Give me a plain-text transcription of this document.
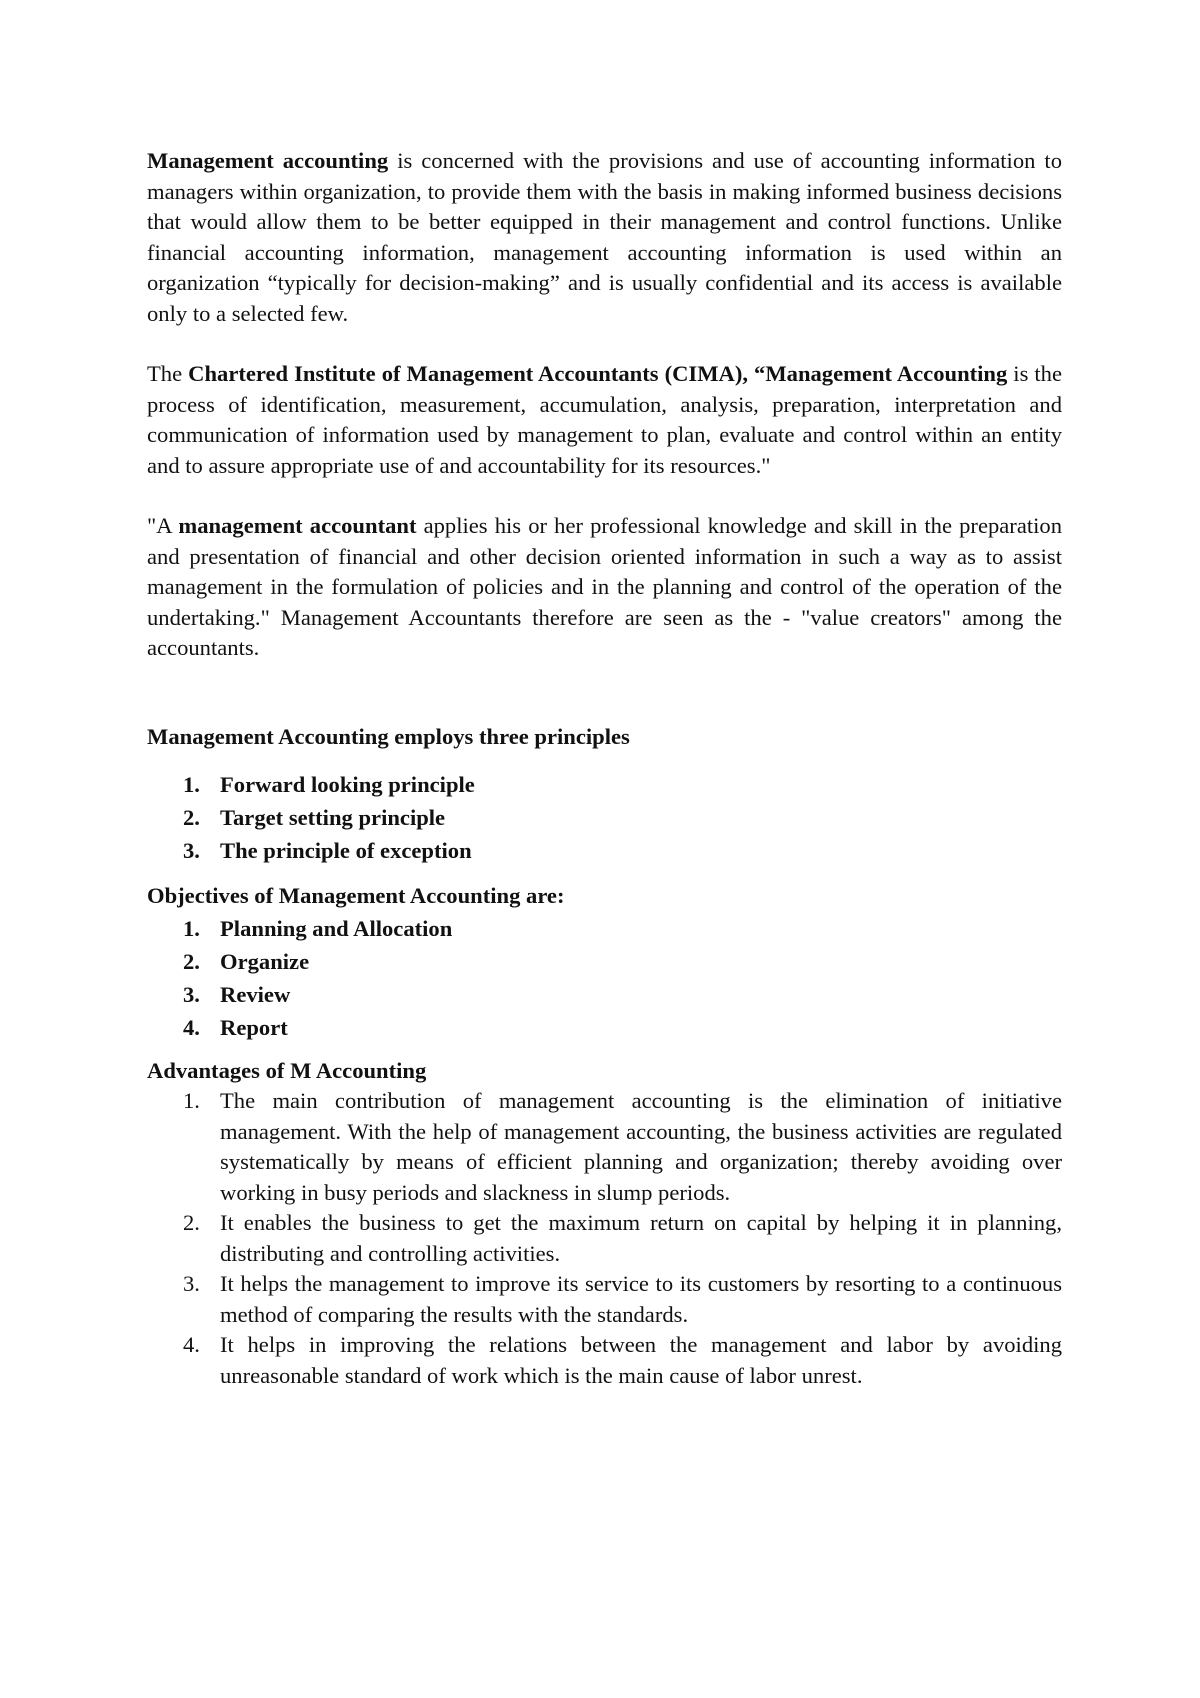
Management accounting is concerned with the provisions and use of accounting information to managers within organization, to provide them with the basis in making informed business decisions that would allow them to be better equipped in their management and control functions. Unlike financial accounting information, management accounting information is used within an organization “typically for decision-making” and is usually confidential and its access is available only to a selected few.

The Chartered Institute of Management Accountants (CIMA), “Management Accounting is the process of identification, measurement, accumulation, analysis, preparation, interpretation and communication of information used by management to plan, evaluate and control within an entity and to assure appropriate use of and accountability for its resources."

"A management accountant applies his or her professional knowledge and skill in the preparation and presentation of financial and other decision oriented information in such a way as to assist management in the formulation of policies and in the planning and control of the operation of the undertaking." Management Accountants therefore are seen as the - "value creators" among the accountants.

Management Accounting employs three principles

1. Forward looking principle
2. Target setting principle
3. The principle of exception

Objectives of Management Accounting are:

1. Planning and Allocation
2. Organize
3. Review
4. Report

Advantages of M Accounting

1. The main contribution of management accounting is the elimination of initiative management. With the help of management accounting, the business activities are regulated systematically by means of efficient planning and organization; thereby avoiding over working in busy periods and slackness in slump periods.
2. It enables the business to get the maximum return on capital by helping it in planning, distributing and controlling activities.
3. It helps the management to improve its service to its customers by resorting to a continuous method of comparing the results with the standards.
4. It helps in improving the relations between the management and labor by avoiding unreasonable standard of work which is the main cause of labor unrest.
